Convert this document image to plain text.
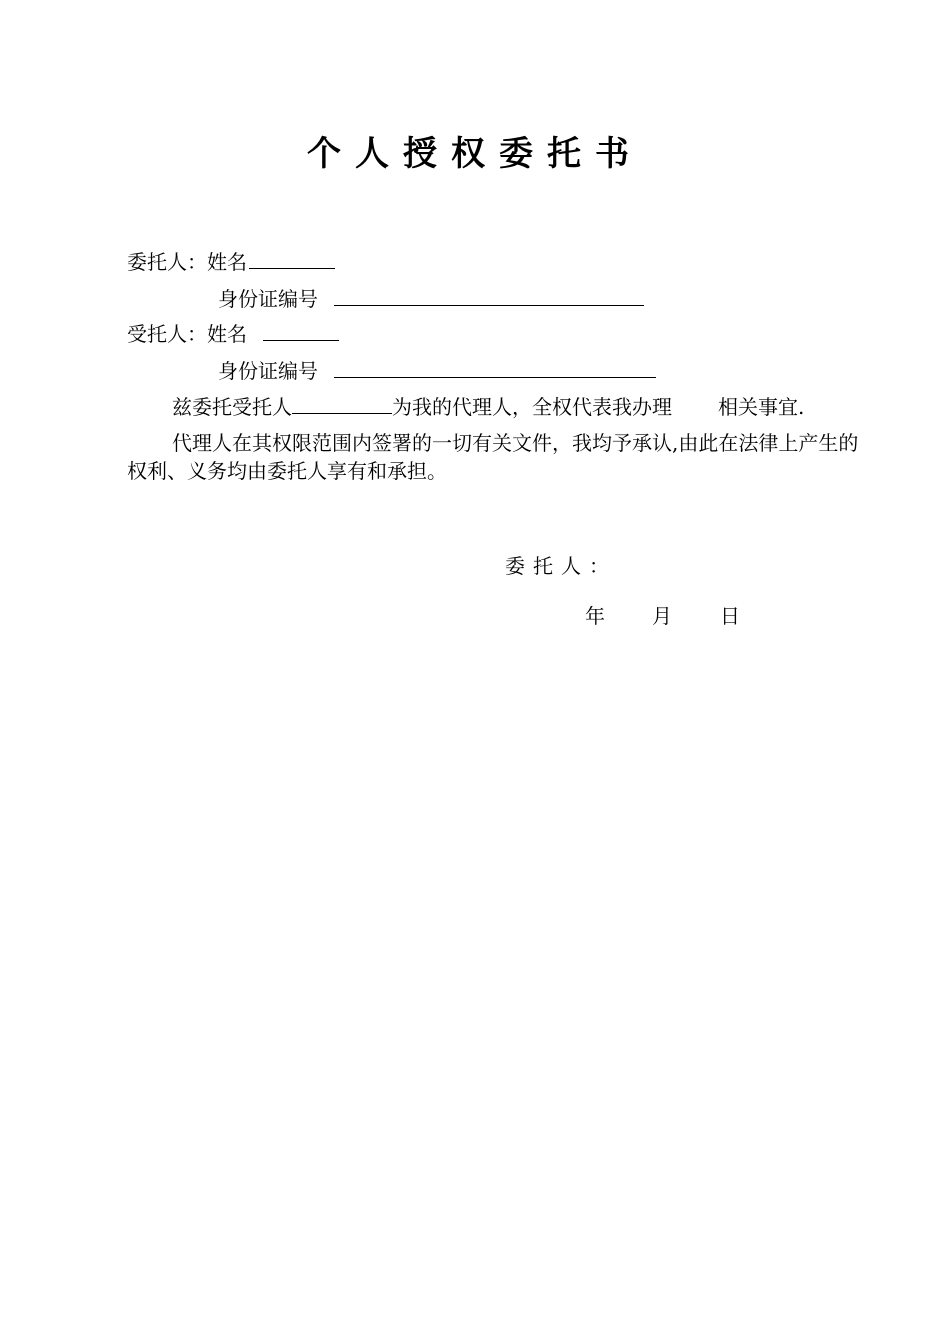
个人授权委托书
委托人：姓名
身份证编号
受托人：姓名
身份证编号
兹委托受托人	为我的代理人，全权代表我办理 相关事宜.
代理人在其权限范围内签署的一切有关文件，我均予承认,由此在法律上产生的权利、义务均由委托人享有和承担。
委托人：
年 月 日
